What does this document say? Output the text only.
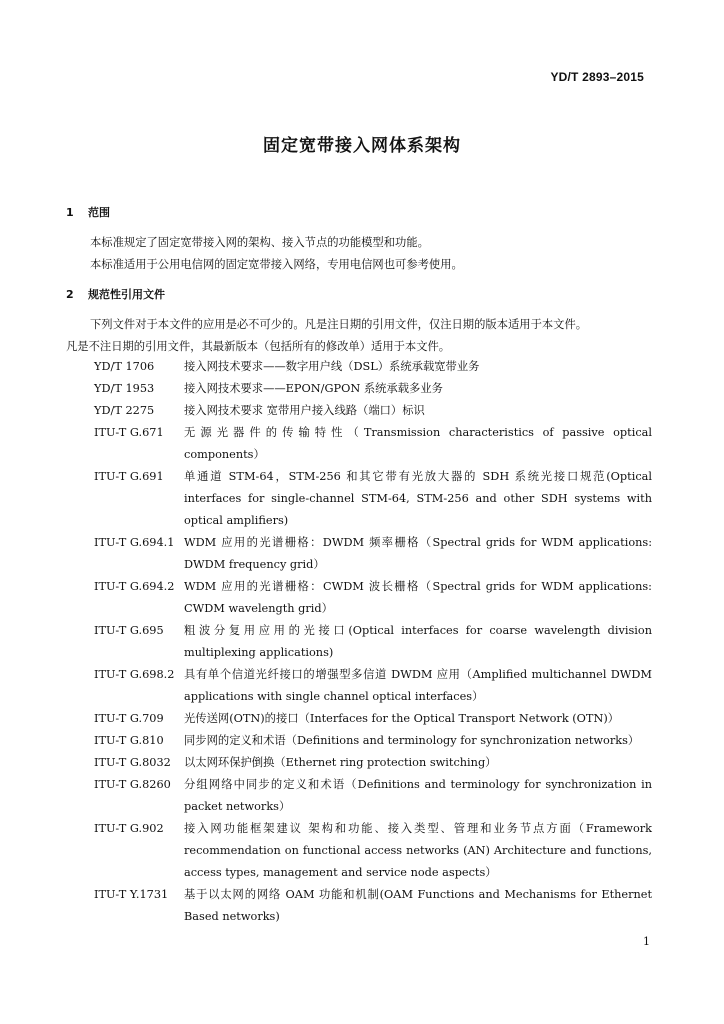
YD/T 2893–2015
固定宽带接入网体系架构
1 范围
本标准规定了固定宽带接入网的架构、接入节点的功能模型和功能。
本标准适用于公用电信网的固定宽带接入网络，专用电信网也可参考使用。
2 规范性引用文件
下列文件对于本文件的应用是必不可少的。凡是注日期的引用文件，仅注日期的版本适用于本文件。
凡是不注日期的引用文件，其最新版本（包括所有的修改单）适用于本文件。
YD/T 1706	接入网技术要求——数字用户线（DSL）系统承载宽带业务
YD/T 1953	接入网技术要求——EPON/GPON 系统承载多业务
YD/T 2275	接入网技术要求 宽带用户接入线路（端口）标识
ITU-T G.671	无源光器件的传输特性（Transmission characteristics of passive optical components）
ITU-T G.691	单通道 STM-64，STM-256 和其它带有光放大器的 SDH 系统光接口规范(Optical interfaces for single-channel STM-64, STM-256 and other SDH systems with optical amplifiers)
ITU-T G.694.1 WDM 应用的光谱栅格：DWDM 频率栅格（Spectral grids for WDM applications: DWDM frequency grid）
ITU-T G.694.2 WDM 应用的光谱栅格：CWDM 波长栅格（Spectral grids for WDM applications: CWDM wavelength grid）
ITU-T G.695	粗波分复用应用的光接口(Optical interfaces for coarse wavelength division multiplexing applications)
ITU-T G.698.2 具有单个信道光纤接口的增强型多信道 DWDM 应用（Amplified multichannel DWDM applications with single channel optical interfaces）
ITU-T G.709	光传送网(OTN)的接口（Interfaces for the Optical Transport Network (OTN)）
ITU-T G.810	同步网的定义和术语（Definitions and terminology for synchronization networks）
ITU-T G.8032	以太网环保护倒换（Ethernet ring protection switching）
ITU-T G.8260	分组网络中同步的定义和术语（Definitions and terminology for synchronization in packet networks）
ITU-T G.902	接入网功能框架建议 架构和功能、接入类型、管理和业务节点方面（Framework recommendation on functional access networks (AN) Architecture and functions, access types, management and service node aspects）
ITU-T Y.1731	基于以太网的网络 OAM 功能和机制(OAM Functions and Mechanisms for Ethernet Based networks)
1
